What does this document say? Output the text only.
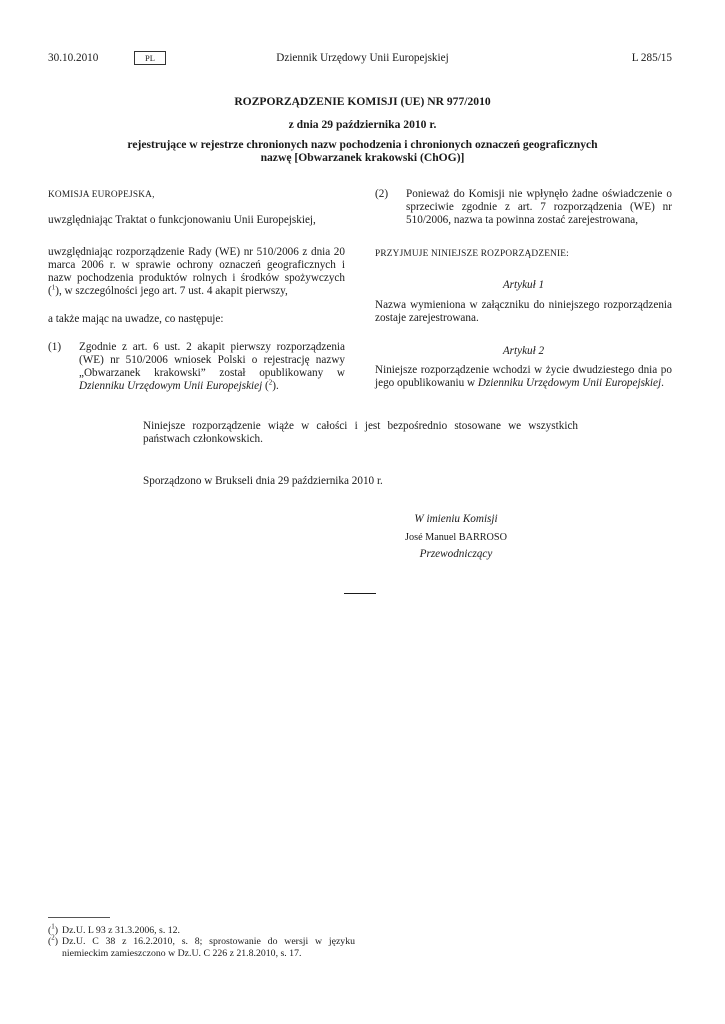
30.10.2010	PL	Dziennik Urzędowy Unii Europejskiej	L 285/15
ROZPORZĄDZENIE KOMISJI (UE) NR 977/2010
z dnia 29 października 2010 r.
rejestrujące w rejestrze chronionych nazw pochodzenia i chronionych oznaczeń geograficznych
nazwę [Obwarzanek krakowski (ChOG)]
KOMISJA EUROPEJSKA,
uwzględniając Traktat o funkcjonowaniu Unii Europejskiej,
uwzględniając rozporządzenie Rady (WE) nr 510/2006 z dnia 20 marca 2006 r. w sprawie ochrony oznaczeń geograficznych i nazw pochodzenia produktów rolnych i środków spożywczych ($^1$), w szczególności jego art. 7 ust. 4 akapit pierwszy,
a także mając na uwadze, co następuje:
(1) Zgodnie z art. 6 ust. 2 akapit pierwszy rozporządzenia (WE) nr 510/2006 wniosek Polski o rejestrację nazwy „Obwarzanek krakowski” został opublikowany w Dzienniku Urzędowym Unii Europejskiej ($^2$).
(2) Ponieważ do Komisji nie wpłynęło żadne oświadczenie o sprzeciwie zgodnie z art. 7 rozporządzenia (WE) nr 510/2006, nazwa ta powinna zostać zarejestrowana,
PRZYJMUJE NINIEJSZE ROZPORZĄDZENIE:
Artykuł 1
Nazwa wymieniona w załączniku do niniejszego rozporządzenia zostaje zarejestrowana.
Artykuł 2
Niniejsze rozporządzenie wchodzi w życie dwudziestego dnia po jego opublikowaniu w Dzienniku Urzędowym Unii Europejskiej.
Niniejsze rozporządzenie wiąże w całości i jest bezpośrednio stosowane we wszystkich państwach członkowskich.
Sporządzono w Brukseli dnia 29 października 2010 r.
W imieniu Komisji
José Manuel BARROSO
Przewodniczący
($^1$) Dz.U. L 93 z 31.3.2006, s. 12.
($^2$) Dz.U. C 38 z 16.2.2010, s. 8; sprostowanie do wersji w języku niemieckim zamieszczono w Dz.U. C 226 z 21.8.2010, s. 17.
